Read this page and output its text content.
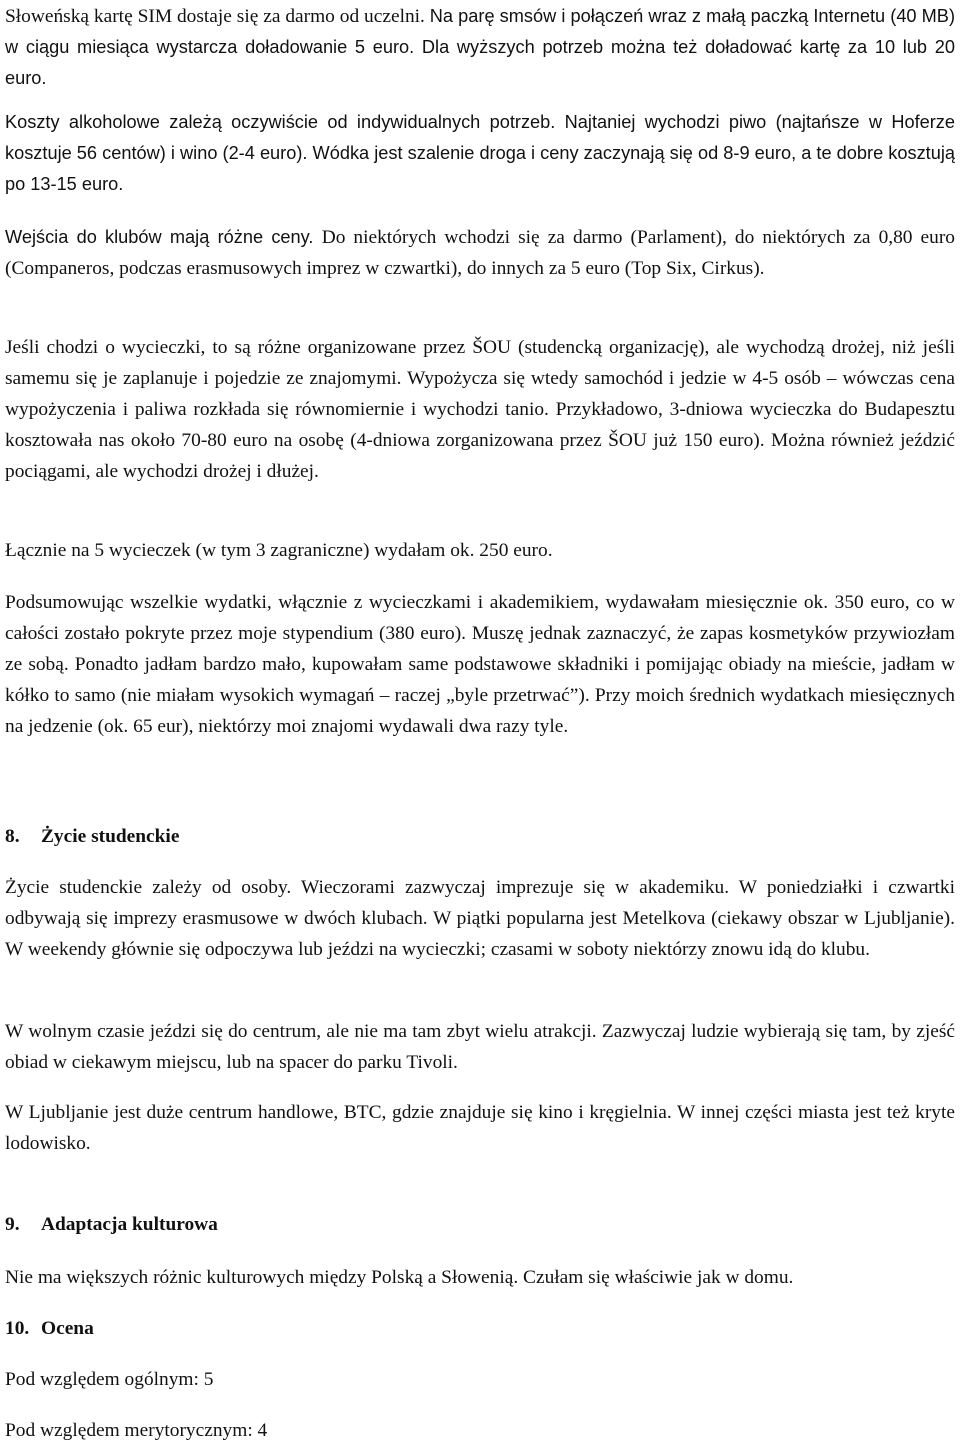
Słoweńską kartę SIM dostaje się za darmo od uczelni. Na parę smsów i połączeń wraz z małą paczką Internetu (40 MB) w ciągu miesiąca wystarcza doładowanie 5 euro. Dla wyższych potrzeb można też doładować kartę za 10 lub 20 euro.

Koszty alkoholowe zależą oczywiście od indywidualnych potrzeb. Najtaniej wychodzi piwo (najtańsze w Hoferze kosztuje 56 centów) i wino (2-4 euro). Wódka jest szalenie droga i ceny zaczynają się od 8-9 euro, a te dobre kosztują po 13-15 euro.

Wejścia do klubów mają różne ceny. Do niektórych wchodzi się za darmo (Parlament), do niektórych za 0,80 euro (Companeros, podczas erasmusowych imprez w czwartki), do innych za 5 euro (Top Six, Cirkus).

Jeśli chodzi o wycieczki, to są różne organizowane przez ŠOU (studencką organizację), ale wychodzą drożej, niż jeśli samemu się je zaplanuje i pojedzie ze znajomymi. Wypożycza się wtedy samochód i jedzie w 4-5 osób – wówczas cena wypożyczenia i paliwa rozkłada się równomiernie i wychodzi tanio. Przykładowo, 3-dniowa wycieczka do Budapesztu kosztowała nas około 70-80 euro na osobę (4-dniowa zorganizowana przez ŠOU już 150 euro). Można również jeździć pociągami, ale wychodzi drożej i dłużej.

Łącznie na 5 wycieczek (w tym 3 zagraniczne) wydałam ok. 250 euro.

Podsumowując wszelkie wydatki, włącznie z wycieczkami i akademikiem, wydawałam miesięcznie ok. 350 euro, co w całości zostało pokryte przez moje stypendium (380 euro). Muszę jednak zaznaczyć, że zapas kosmetyków przywiozłam ze sobą. Ponadto jadłam bardzo mało, kupowałam same podstawowe składniki i pomijając obiady na mieście, jadłam w kółko to samo (nie miałam wysokich wymagań – raczej „byle przetrwać”). Przy moich średnich wydatkach miesięcznych na jedzenie (ok. 65 eur), niektórzy moi znajomi wydawali dwa razy tyle.

8. Życie studenckie

Życie studenckie zależy od osoby. Wieczorami zazwyczaj imprezuje się w akademiku. W poniedziałki i czwartki odbywają się imprezy erasmusowe w dwóch klubach. W piątki popularna jest Metelkova (ciekawy obszar w Ljubljanie). W weekendy głównie się odpoczywa lub jeździ na wycieczki; czasami w soboty niektórzy znowu idą do klubu.

W wolnym czasie jeździ się do centrum, ale nie ma tam zbyt wielu atrakcji. Zazwyczaj ludzie wybierają się tam, by zjeść obiad w ciekawym miejscu, lub na spacer do parku Tivoli.

W Ljubljanie jest duże centrum handlowe, BTC, gdzie znajduje się kino i kręgielnia. W innej części miasta jest też kryte lodowisko.

9. Adaptacja kulturowa

Nie ma większych różnic kulturowych między Polską a Słowenią. Czułam się właściwie jak w domu.

10. Ocena

Pod względem ogólnym: 5

Pod względem merytorycznym: 4
